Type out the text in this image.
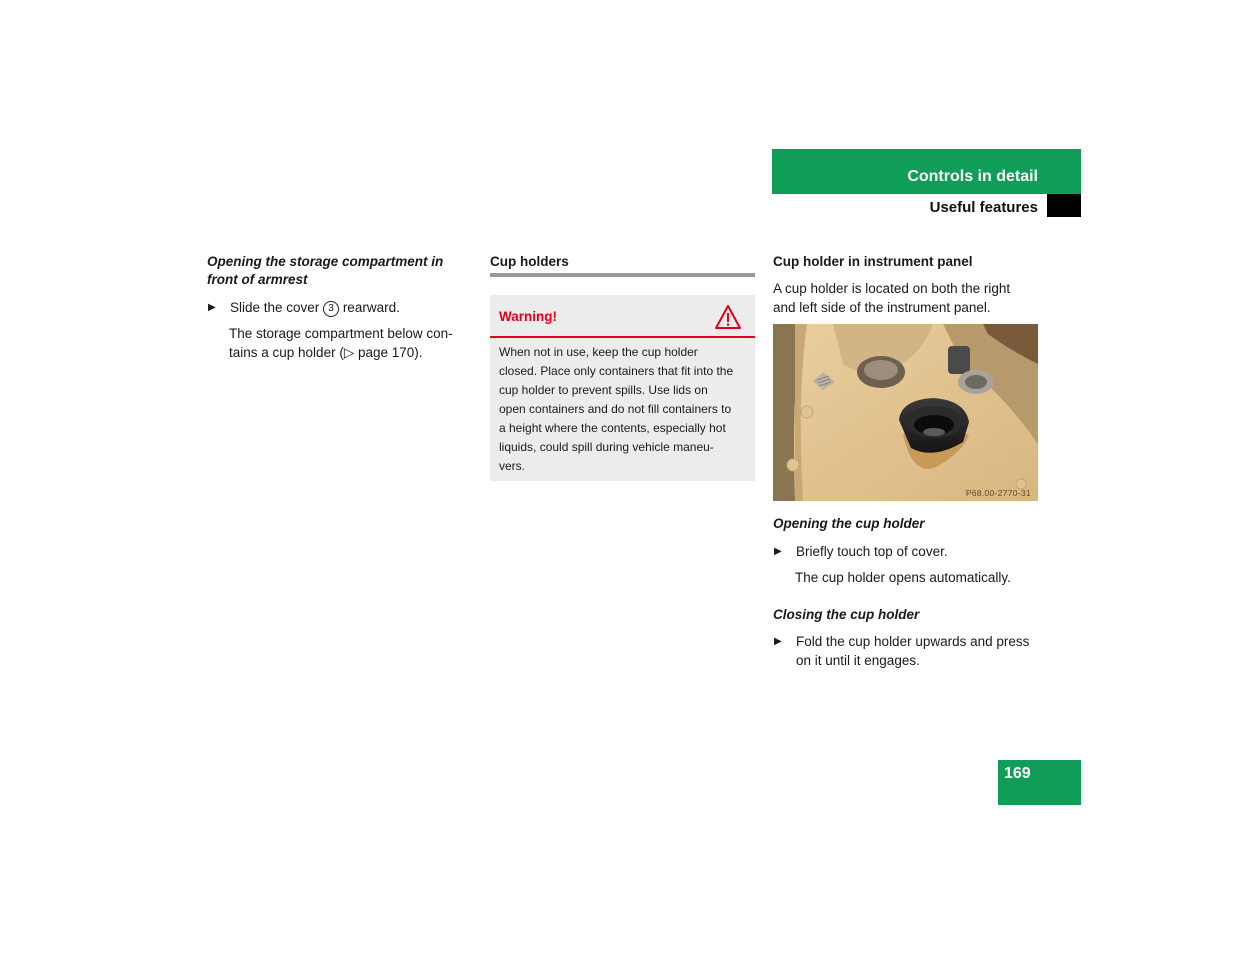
Controls in detail
Useful features
Opening the storage compartment in front of armrest
▶	Slide the cover 3 rearward.
The storage compartment below con-
tains a cup holder (▷ page 170).
Cup holders
Warning!
When not in use, keep the cup holder
closed. Place only containers that fit into the
cup holder to prevent spills. Use lids on
open containers and do not fill containers to
a height where the contents, especially hot
liquids, could spill during vehicle maneu-
vers.
Cup holder in instrument panel
A cup holder is located on both the right
and left side of the instrument panel.
P68.00-2770-31
Opening the cup holder
▶	Briefly touch top of cover.
The cup holder opens automatically.
Closing the cup holder
▶	Fold the cup holder upwards and press
on it until it engages.
169
